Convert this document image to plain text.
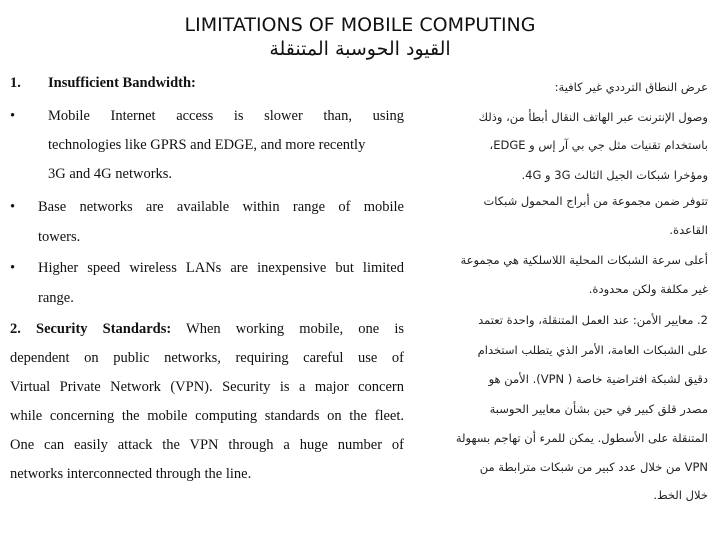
LIMITATIONS OF MOBILE COMPUTING
القيود الحوسبة المتنقلة
1. Insufficient Bandwidth:
• Mobile Internet access is slower than, using
technologies like GPRS and EDGE, and more recently
3G and 4G networks.
• Base networks are available within range of mobile
towers.
• Higher speed wireless LANs are inexpensive but limited
range.
2. Security Standards: When working mobile, one is
dependent on public networks, requiring careful use of
Virtual Private Network (VPN). Security is a major concern
while concerning the mobile computing standards on the fleet.
One can easily attack the VPN through a huge number of
networks interconnected through the line.
عرض النطاق الترددي غير كافية:
وصول الإنترنت عبر الهاتف النقال أبطأ من، وذلك
باستخدام تقنيات مثل جي بي آر إس و EDGE،
ومؤخرا شبكات الجيل الثالث 3G و 4G.
تتوفر ضمن مجموعة من أبراج المحمول شبكات
القاعدة.
أعلى سرعة الشبكات المحلية اللاسلكية هي مجموعة
غير مكلفة ولكن محدودة.
2. معايير الأمن: عند العمل المتنقلة، واحدة تعتمد
على الشبكات العامة، الأمر الذي يتطلب استخدام
دقيق لشبكة افتراضية خاصة ( VPN). الأمن هو
مصدر قلق كبير في حين بشأن معايير الحوسبة
المتنقلة على الأسطول. يمكن للمرء أن تهاجم بسهولة
VPN من خلال عدد كبير من شبكات مترابطة من
خلال الخط.
